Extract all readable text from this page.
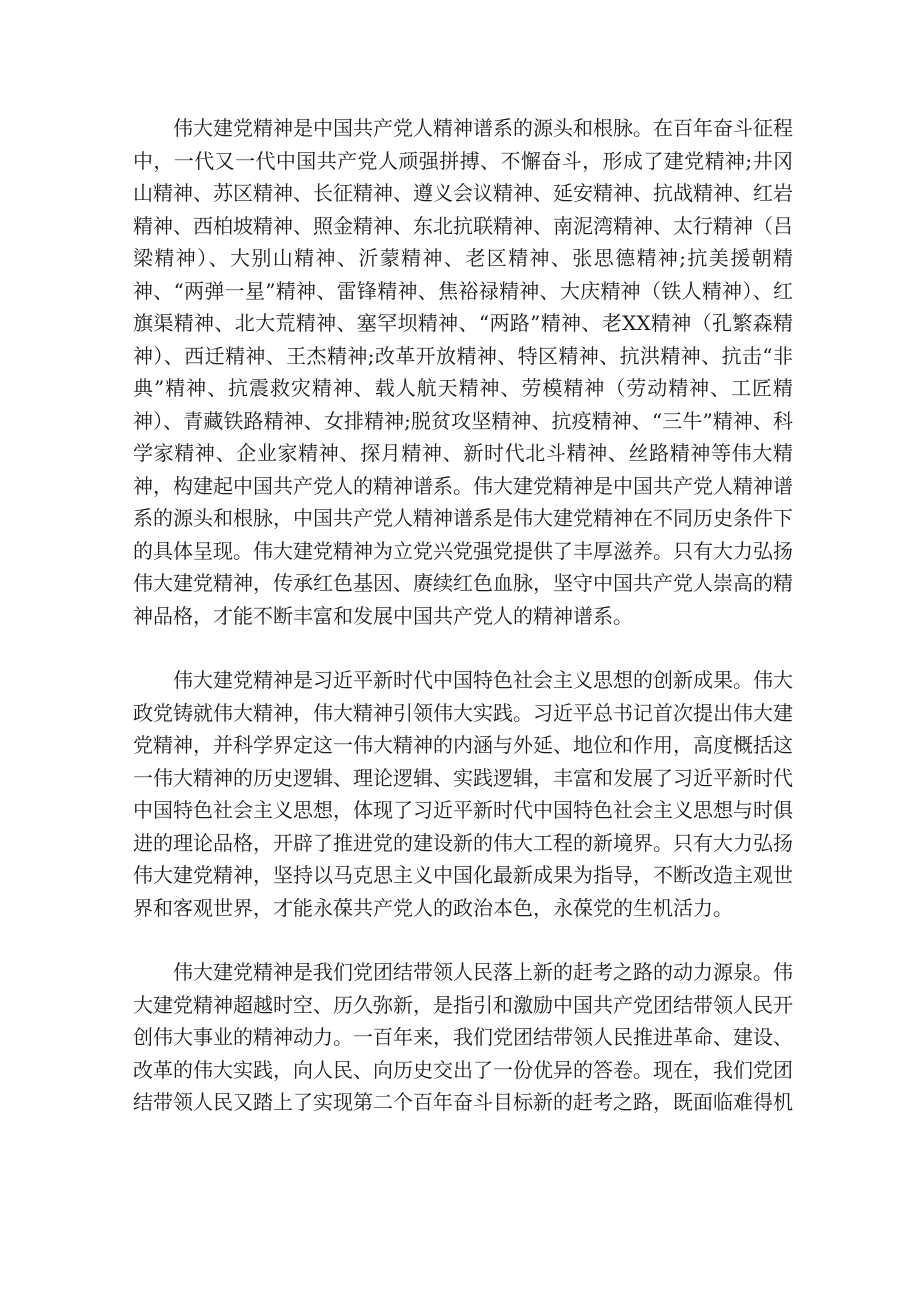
伟大建党精神是中国共产党人精神谱系的源头和根脉。在百年奋斗征程中，一代又一代中国共产党人顽强拼搏、不懈奋斗，形成了建党精神;井冈山精神、苏区精神、长征精神、遵义会议精神、延安精神、抗战精神、红岩精神、西柏坡精神、照金精神、东北抗联精神、南泥湾精神、太行精神（吕梁精神）、大别山精神、沂蒙精神、老区精神、张思德精神;抗美援朝精神、“两弹一星”精神、雷锋精神、焦裕禄精神、大庆精神（铁人精神）、红旗渠精神、北大荒精神、塞罕坝精神、“两路”精神、老XX精神（孔繁森精神）、西迁精神、王杰精神;改革开放精神、特区精神、抗洪精神、抗击“非典”精神、抗震救灾精神、载人航天精神、劳模精神（劳动精神、工匠精神）、青藏铁路精神、女排精神;脱贫攻坚精神、抗疫精神、“三牛”精神、科学家精神、企业家精神、探月精神、新时代北斗精神、丝路精神等伟大精神，构建起中国共产党人的精神谱系。伟大建党精神是中国共产党人精神谱系的源头和根脉，中国共产党人精神谱系是伟大建党精神在不同历史条件下的具体呈现。伟大建党精神为立党兴党强党提供了丰厚滋养。只有大力弘扬伟大建党精神，传承红色基因、赓续红色血脉，坚守中国共产党人崇高的精神品格，才能不断丰富和发展中国共产党人的精神谱系。

伟大建党精神是习近平新时代中国特色社会主义思想的创新成果。伟大政党铸就伟大精神，伟大精神引领伟大实践。习近平总书记首次提出伟大建党精神，并科学界定这一伟大精神的内涵与外延、地位和作用，高度概括这一伟大精神的历史逻辑、理论逻辑、实践逻辑，丰富和发展了习近平新时代中国特色社会主义思想，体现了习近平新时代中国特色社会主义思想与时俱进的理论品格，开辟了推进党的建设新的伟大工程的新境界。只有大力弘扬伟大建党精神，坚持以马克思主义中国化最新成果为指导，不断改造主观世界和客观世界，才能永葆共产党人的政治本色，永葆党的生机活力。

伟大建党精神是我们党团结带领人民落上新的赶考之路的动力源泉。伟大建党精神超越时空、历久弥新，是指引和激励中国共产党团结带领人民开创伟大事业的精神动力。一百年来，我们党团结带领人民推进革命、建设、改革的伟大实践，向人民、向历史交出了一份优异的答卷。现在，我们党团结带领人民又踏上了实现第二个百年奋斗目标新的赶考之路，既面临难得机
